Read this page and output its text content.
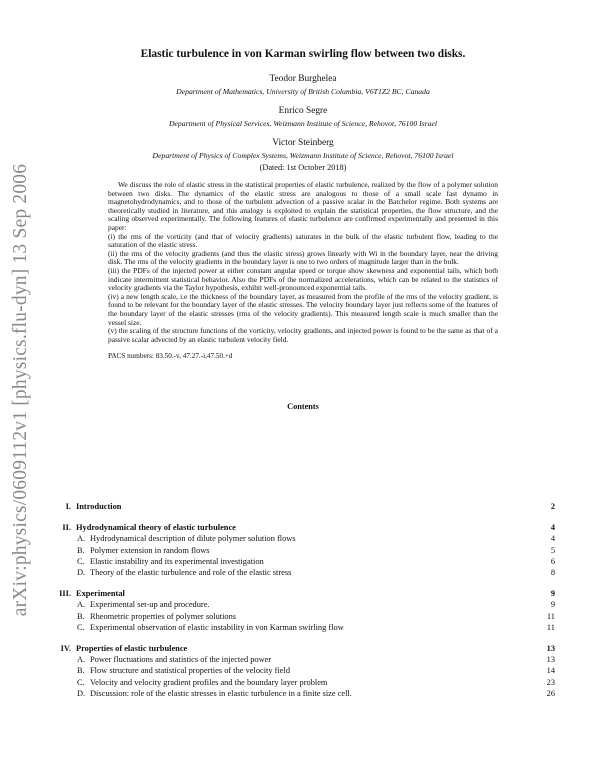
arXiv:physics/0609112v1 [physics.flu-dyn] 13 Sep 2006
Elastic turbulence in von Karman swirling flow between two disks.

Teodor Burghelea

Department of Mathematics, University of British Columbia, V6T1Z2 BC, Canada

Enrico Segre

Department of Physical Services, Weizmann Institute of Science, Rehovot, 76100 Israel

Victor Steinberg

Department of Physics of Complex Systems, Weizmann Institute of Science, Rehovot, 76100 Israel

(Dated: 1st October 2018)

We discuss the role of elastic stress in the statistical properties of elastic turbulence, realized by the flow of a polymer solution between two disks. The dynamics of the elastic stress are analogous to those of a small scale fast dynamo in magnetohydrodynamics, and to those of the turbulent advection of a passive scalar in the Batchelor regime. Both systems are theoretically studied in literature, and this analogy is exploited to explain the statistical properties, the flow structure, and the scaling observed experimentally. The following features of elastic turbulence are confirmed experimentally and presented in this paper:

(i) the rms of the vorticity (and that of velocity gradients) saturates in the bulk of the elastic turbulent flow, leading to the saturation of the elastic stress.

(ii) the rms of the velocity gradients (and thus the elastic stress) grows linearly with Wi in the boundary layer, near the driving disk. The rms of the velocity gradients in the boundary layer is one to two orders of magnitude larger than in the bulk.

(iii) the PDFs of the injected power at either constant angular speed or torque show skewness and exponential tails, which both indicate intermittent statistical behavior. Also the PDFs of the normalized accelerations, which can be related to the statistics of velocity gradients via the Taylor hypothesis, exhibit well-pronounced exponential tails.

(iv) a new length scale, i.e the thickness of the boundary layer, as measured from the profile of the rms of the velocity gradient, is found to be relevant for the boundary layer of the elastic stresses. The velocity boundary layer just reflects some of the features of the boundary layer of the elastic stresses (rms of the velocity gradients). This measured length scale is much smaller than the vessel size.

(v) the scaling of the structure functions of the vorticity, velocity gradients, and injected power is found to be the same as that of a passive scalar advected by an elastic turbulent velocity field.

PACS numbers: 83.50.-v, 47.27.-i,47.50.+d

Contents
I. Introduction	2
II. Hydrodynamical theory of elastic turbulence	4
A. Hydrodynamical description of dilute polymer solution flows	4
B. Polymer extension in random flows	5
C. Elastic instability and its experimental investigation	6
D. Theory of the elastic turbulence and role of the elastic stress	8
III. Experimental	9
A. Experimental set-up and procedure.	9
B. Rheometric properties of polymer solutions	11
C. Experimental observation of elastic instability in von Karman swirling flow	11
IV. Properties of elastic turbulence	13
A. Power fluctuations and statistics of the injected power	13
B. Flow structure and statistical properties of the velocity field	14
C. Velocity and velocity gradient profiles and the boundary layer problem	23
D. Discussion: role of the elastic stresses in elastic turbulence in a finite size cell.	26
